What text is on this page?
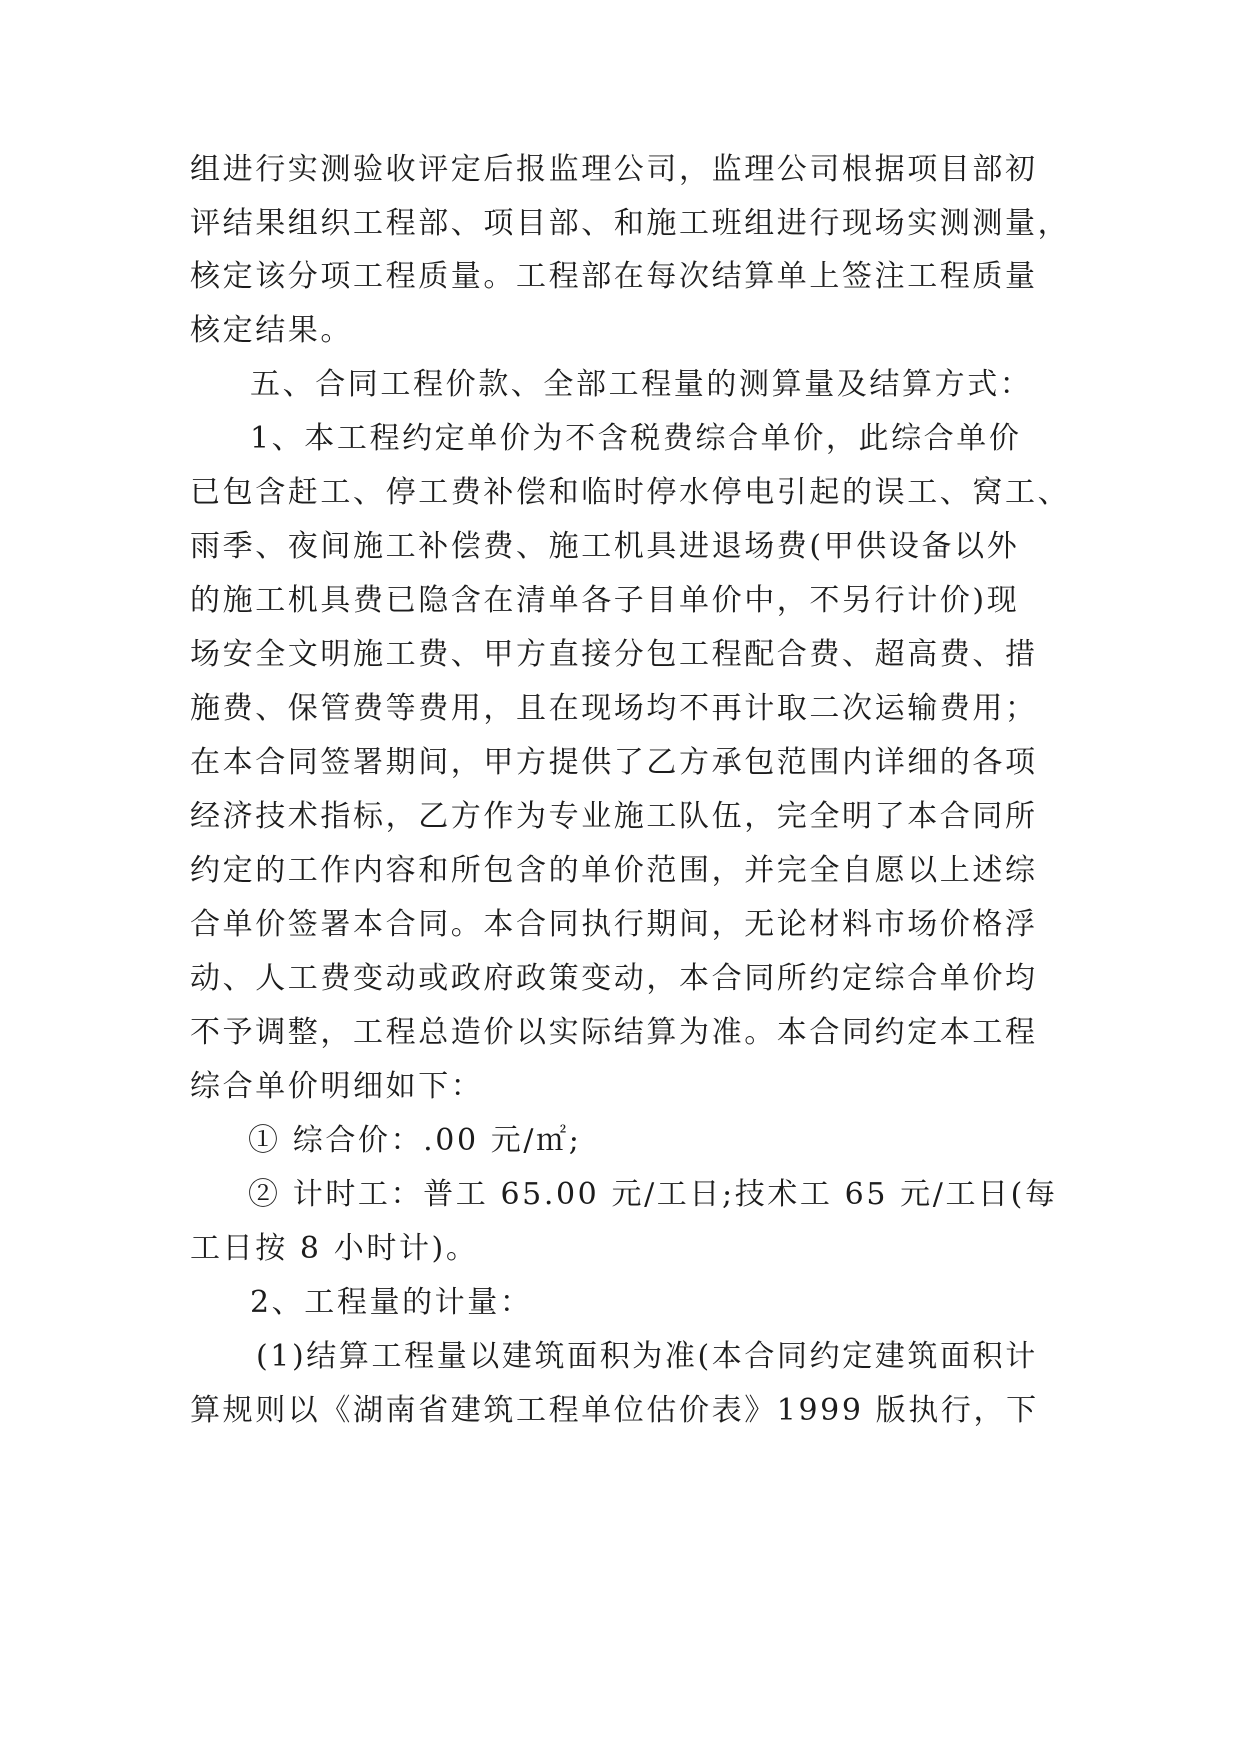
组进行实测验收评定后报监理公司，监理公司根据项目部初
评结果组织工程部、项目部、和施工班组进行现场实测测量，
核定该分项工程质量。工程部在每次结算单上签注工程质量
核定结果。
五、合同工程价款、全部工程量的测算量及结算方式：
1、本工程约定单价为不含税费综合单价，此综合单价
已包含赶工、停工费补偿和临时停水停电引起的误工、窝工、
雨季、夜间施工补偿费、施工机具进退场费(甲供设备以外
的施工机具费已隐含在清单各子目单价中，不另行计价)现
场安全文明施工费、甲方直接分包工程配合费、超高费、措
施费、保管费等费用，且在现场均不再计取二次运输费用；
在本合同签署期间，甲方提供了乙方承包范围内详细的各项
经济技术指标，乙方作为专业施工队伍，完全明了本合同所
约定的工作内容和所包含的单价范围，并完全自愿以上述综
合单价签署本合同。本合同执行期间，无论材料市场价格浮
动、人工费变动或政府政策变动，本合同所约定综合单价均
不予调整，工程总造价以实际结算为准。本合同约定本工程
综合单价明细如下：
① 综合价：.00 元/㎡;
② 计时工：普工 65.00 元/工日;技术工 65 元/工日(每
工日按 8 小时计)。
2、工程量的计量：
(1)结算工程量以建筑面积为准(本合同约定建筑面积计
算规则以《湖南省建筑工程单位估价表》1999 版执行，下
